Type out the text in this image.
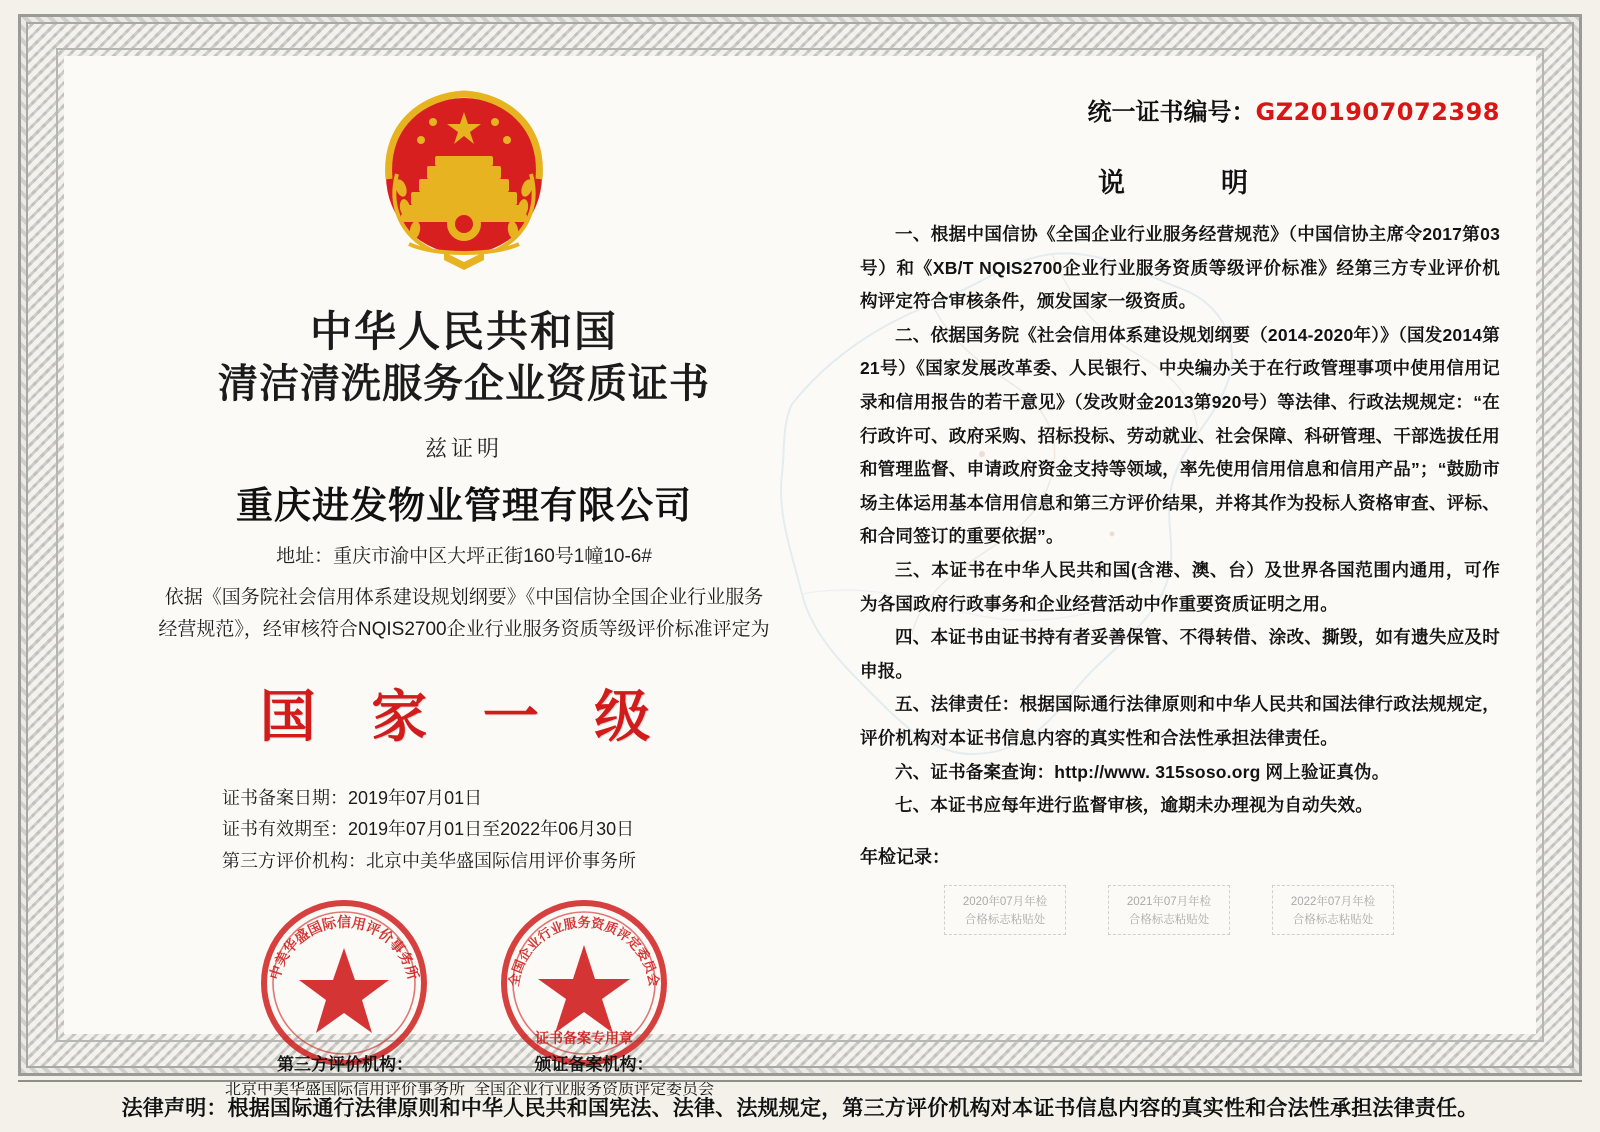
中华人民共和国
清洁清洗服务企业资质证书
兹证明
重庆进发物业管理有限公司
地址：重庆市渝中区大坪正街160号1幢10-6#
依据《国务院社会信用体系建设规划纲要》《中国信协全国企业行业服务
经营规范》，经审核符合NQIS2700企业行业服务资质等级评价标准评定为
国 家 一 级
证书备案日期：2019年07月01日
证书有效期至：2019年07月01日至2022年06月30日
第三方评价机构：北京中美华盛国际信用评价事务所
中美华盛国际信用评价事务所	全国企业行业服务资质评定委员会
证书备案专用章
第三方评价机构：
北京中美华盛国际信用评价事务所
颁证备案机构：
全国企业行业服务资质评定委员会
统一证书编号：GZ201907072398
说　　明
一、根据中国信协《全国企业行业服务经营规范》（中国信协主席令2017第03号）和《XB/T NQIS2700企业行业服务资质等级评价标准》经第三方专业评价机构评定符合审核条件，颁发国家一级资质。
二、依据国务院《社会信用体系建设规划纲要（2014-2020年）》（国发2014第21号）《国家发展改革委、人民银行、中央编办关于在行政管理事项中使用信用记录和信用报告的若干意见》（发改财金2013第920号）等法律、行政法规规定：“在行政许可、政府采购、招标投标、劳动就业、社会保障、科研管理、干部选拔任用和管理监督、申请政府资金支持等领域，率先使用信用信息和信用产品”；“鼓励市场主体运用基本信用信息和第三方评价结果，并将其作为投标人资格审查、评标、和合同签订的重要依据”。
三、本证书在中华人民共和国(含港、澳、台）及世界各国范围内通用，可作为各国政府行政事务和企业经营活动中作重要资质证明之用。
四、本证书由证书持有者妥善保管、不得转借、涂改、撕毁，如有遗失应及时申报。
五、法律责任：根据国际通行法律原则和中华人民共和国法律行政法规规定，评价机构对本证书信息内容的真实性和合法性承担法律责任。
六、证书备案查询：http://www. 315soso.org 网上验证真伪。
七、本证书应每年进行监督审核，逾期未办理视为自动失效。
年检记录：
2020年07月年检
合格标志粘贴处
2021年07月年检
合格标志粘贴处
2022年07月年检
合格标志粘贴处
法律声明：根据国际通行法律原则和中华人民共和国宪法、法律、法规规定，第三方评价机构对本证书信息内容的真实性和合法性承担法律责任。
